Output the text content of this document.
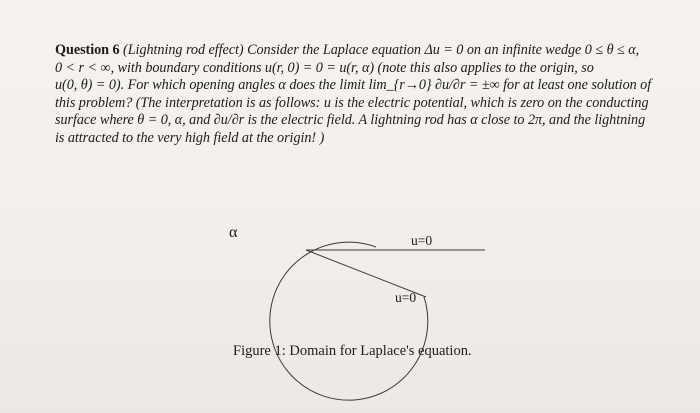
Question 6 (Lightning rod effect) Consider the Laplace equation Δu = 0 on an infinite wedge 0 ≤ θ ≤ α,
0 < r < ∞, with boundary conditions u(r, 0) = 0 = u(r, α) (note this also applies to the origin, so
u(0, θ) = 0). For which opening angles α does the limit lim_{r→0} ∂u/∂r = ±∞ for at least one solution of
this problem? (The interpretation is as follows: u is the electric potential, which is zero on the conducting
surface where θ = 0, α, and ∂u/∂r is the electric field. A lightning rod has α close to 2π, and the lightning
is attracted to the very high field at the origin! )
α	u=0
u=0
Figure 1: Domain for Laplace's equation.
